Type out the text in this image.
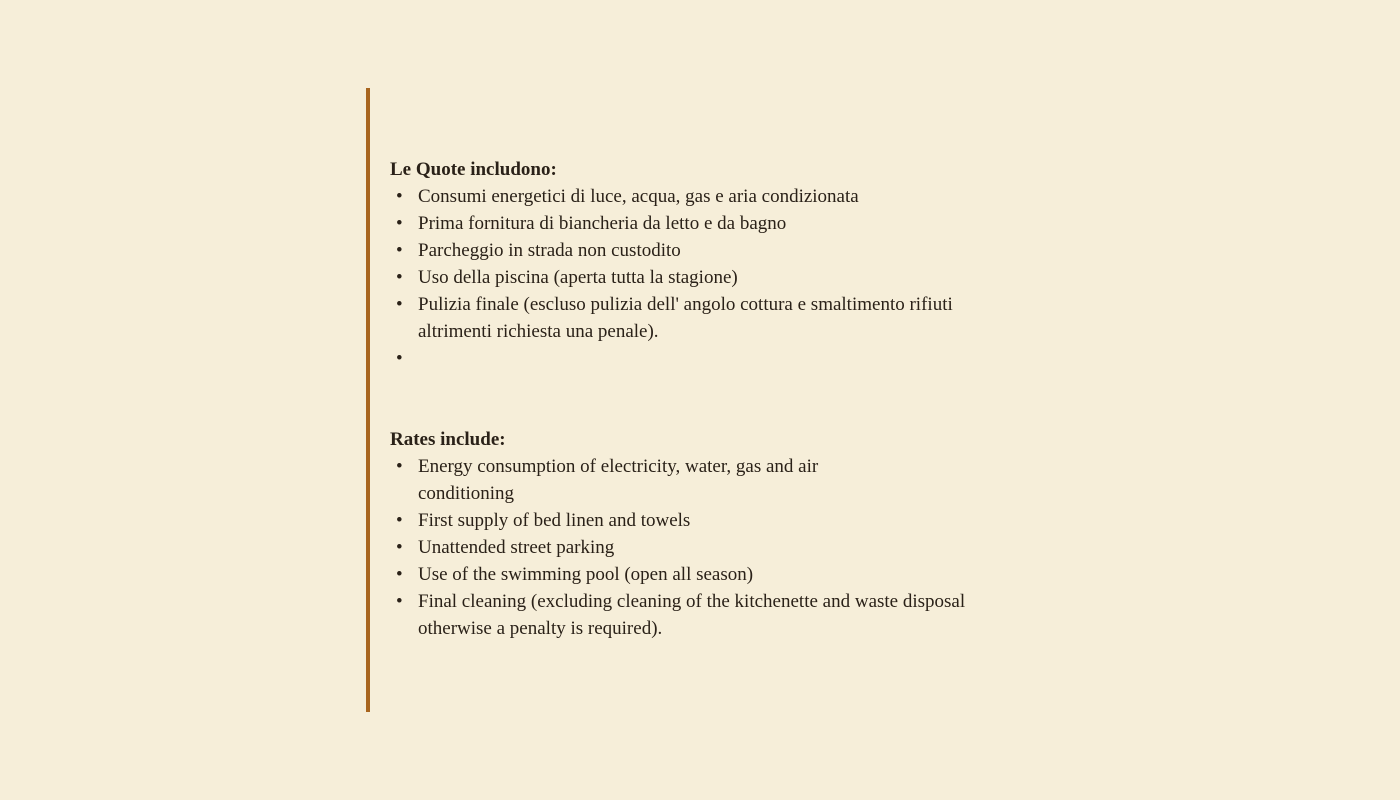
Le Quote includono:

• Consumi energetici di luce, acqua, gas e aria condizionata
• Prima fornitura di biancheria da letto e da bagno
• Parcheggio in strada non custodito
• Uso della piscina (aperta tutta la stagione)
• Pulizia finale (escluso pulizia dell' angolo cottura e smaltimento rifiuti altrimenti richiesta una penale).
•

Rates include:

• Energy consumption of electricity, water, gas and air conditioning
• First supply of bed linen and towels
• Unattended street parking
• Use of the swimming pool (open all season)
• Final cleaning (excluding cleaning of the kitchenette and waste disposal otherwise a penalty is required).
